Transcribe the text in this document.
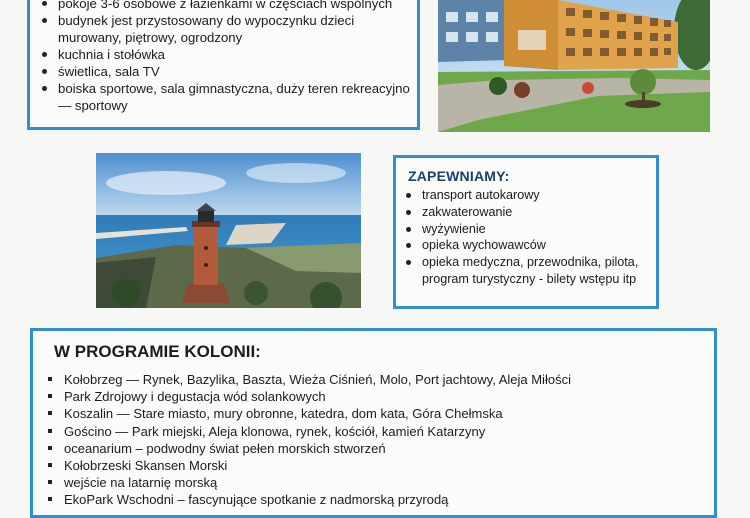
pokoje 3-6 osobowe z łazienkami w częściach wspólnych
budynek jest przystosowany do wypoczynku dzieci murowany, piętrowy, ogrodzony
kuchnia i stołówka
świetlica, sala TV
boiska sportowe, sala gimnastyczna, duży teren rekreacyjno — sportowy
ZAPEWNIAMY:
transport autokarowy
zakwaterowanie
wyżywienie
opieka wychowawców
opieka medyczna, przewodnika, pilota, program turystyczny - bilety wstępu itp
W PROGRAMIE KOLONII:
Kołobrzeg — Rynek, Bazylika, Baszta, Wieża Ciśnień, Molo, Port jachtowy, Aleja Miłości
Park Zdrojowy i degustacja wód solankowych
Koszalin — Stare miasto, mury obronne, katedra, dom kata, Góra Chełmska
Gościno — Park miejski, Aleja klonowa, rynek, kościół, kamień Katarzyny
oceanarium – podwodny świat pełen morskich stworzeń
Kołobrzeski Skansen Morski
wejście na latarnię morską
EkoPark Wschodni – fascynujące spotkanie z nadmorską przyrodą
